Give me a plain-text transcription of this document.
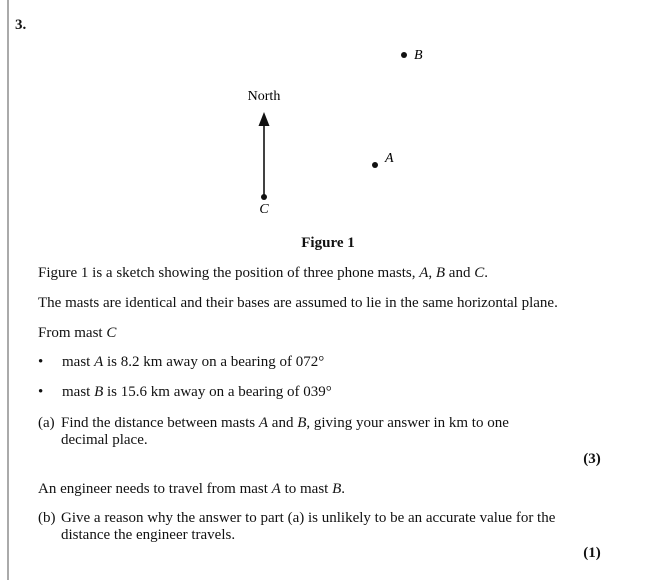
3.
North
C
A
B
Figure 1
Figure 1 is a sketch showing the position of three phone masts, A, B and C.
The masts are identical and their bases are assumed to lie in the same horizontal plane.
From mast C
• mast A is 8.2 km away on a bearing of 072°
• mast B is 15.6 km away on a bearing of 039°
(a) Find the distance between masts A and B, giving your answer in km to one
decimal place.
(3)
An engineer needs to travel from mast A to mast B.
(b) Give a reason why the answer to part (a) is unlikely to be an accurate value for the
distance the engineer travels.
(1)
